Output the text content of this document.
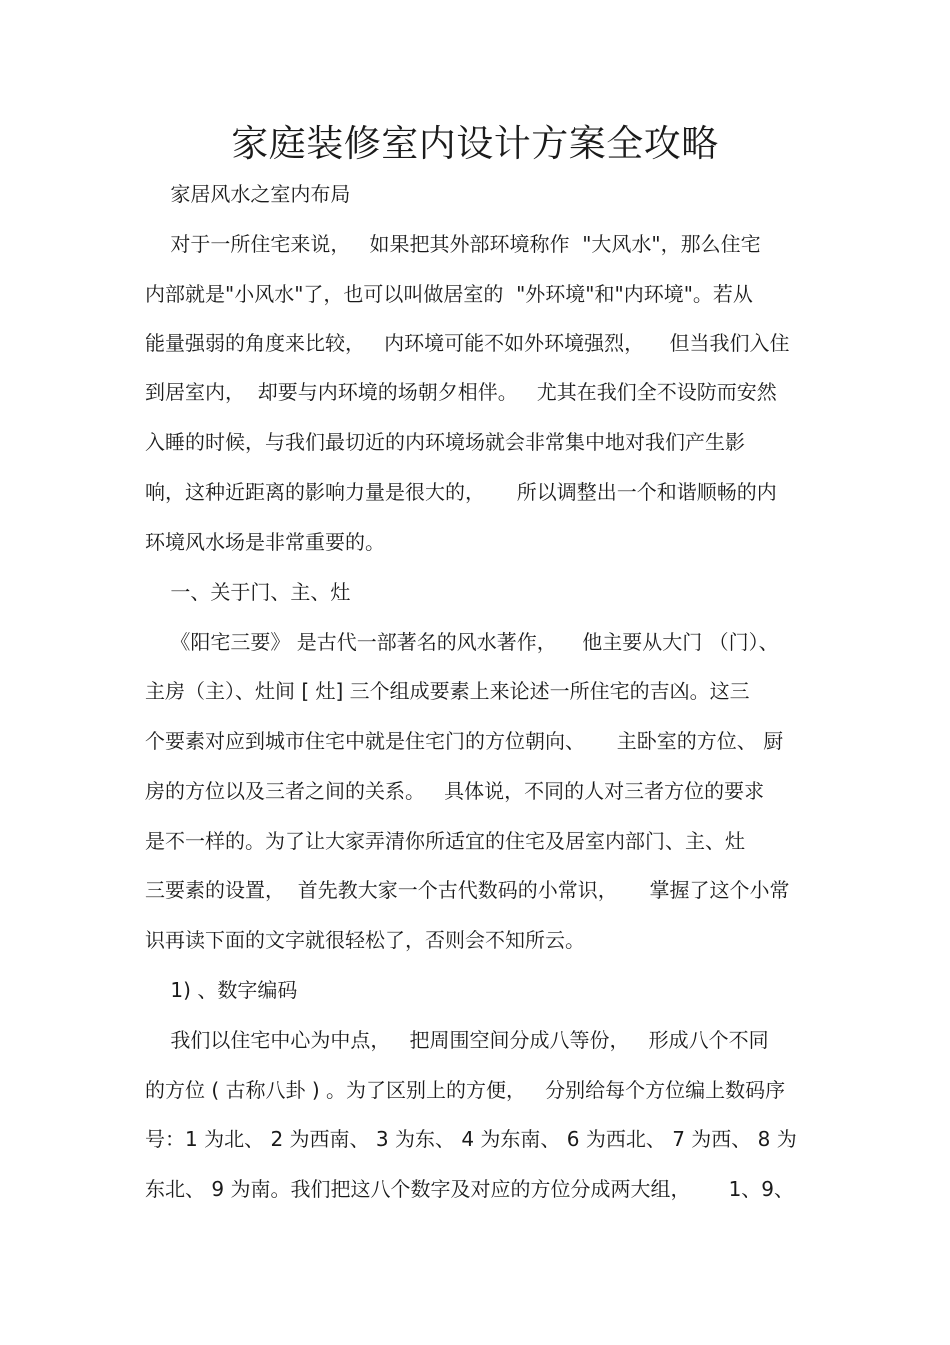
家庭装修室内设计方案全攻略
家居风水之室内布局
对于一所住宅来说，   如果把其外部环境称作  "大风水"，那么住宅
内部就是"小风水"了，也可以叫做居室的  "外环境"和"内环境"。若从
能量强弱的角度来比较，   内环境可能不如外环境强烈，    但当我们入住
到居室内，  却要与内环境的场朝夕相伴。   尤其在我们全不设防而安然
入睡的时候，与我们最切近的内环境场就会非常集中地对我们产生影
响，这种近距离的影响力量是很大的，     所以调整出一个和谐顺畅的内
环境风水场是非常重要的。
一、关于门、主、灶
《阳宅三要》 是古代一部著名的风水著作，    他主要从大门 （门）、
主房（主）、灶间 [ 灶] 三个组成要素上来论述一所住宅的吉凶。这三
个要素对应到城市住宅中就是住宅门的方位朝向、     主卧室的方位、 厨
房的方位以及三者之间的关系。   具体说，不同的人对三者方位的要求
是不一样的。为了让大家弄清你所适宜的住宅及居室内部门、主、灶
三要素的设置，  首先教大家一个古代数码的小常识，     掌握了这个小常
识再读下面的文字就很轻松了，否则会不知所云。
1) 、数字编码
我们以住宅中心为中点，   把周围空间分成八等份，   形成八个不同
的方位 ( 古称八卦 ) 。为了区别上的方便，   分别给每个方位编上数码序
号：1 为北、 2 为西南、 3 为东、 4 为东南、 6 为西北、 7 为西、 8 为
东北、 9 为南。我们把这八个数字及对应的方位分成两大组，      1、9、
